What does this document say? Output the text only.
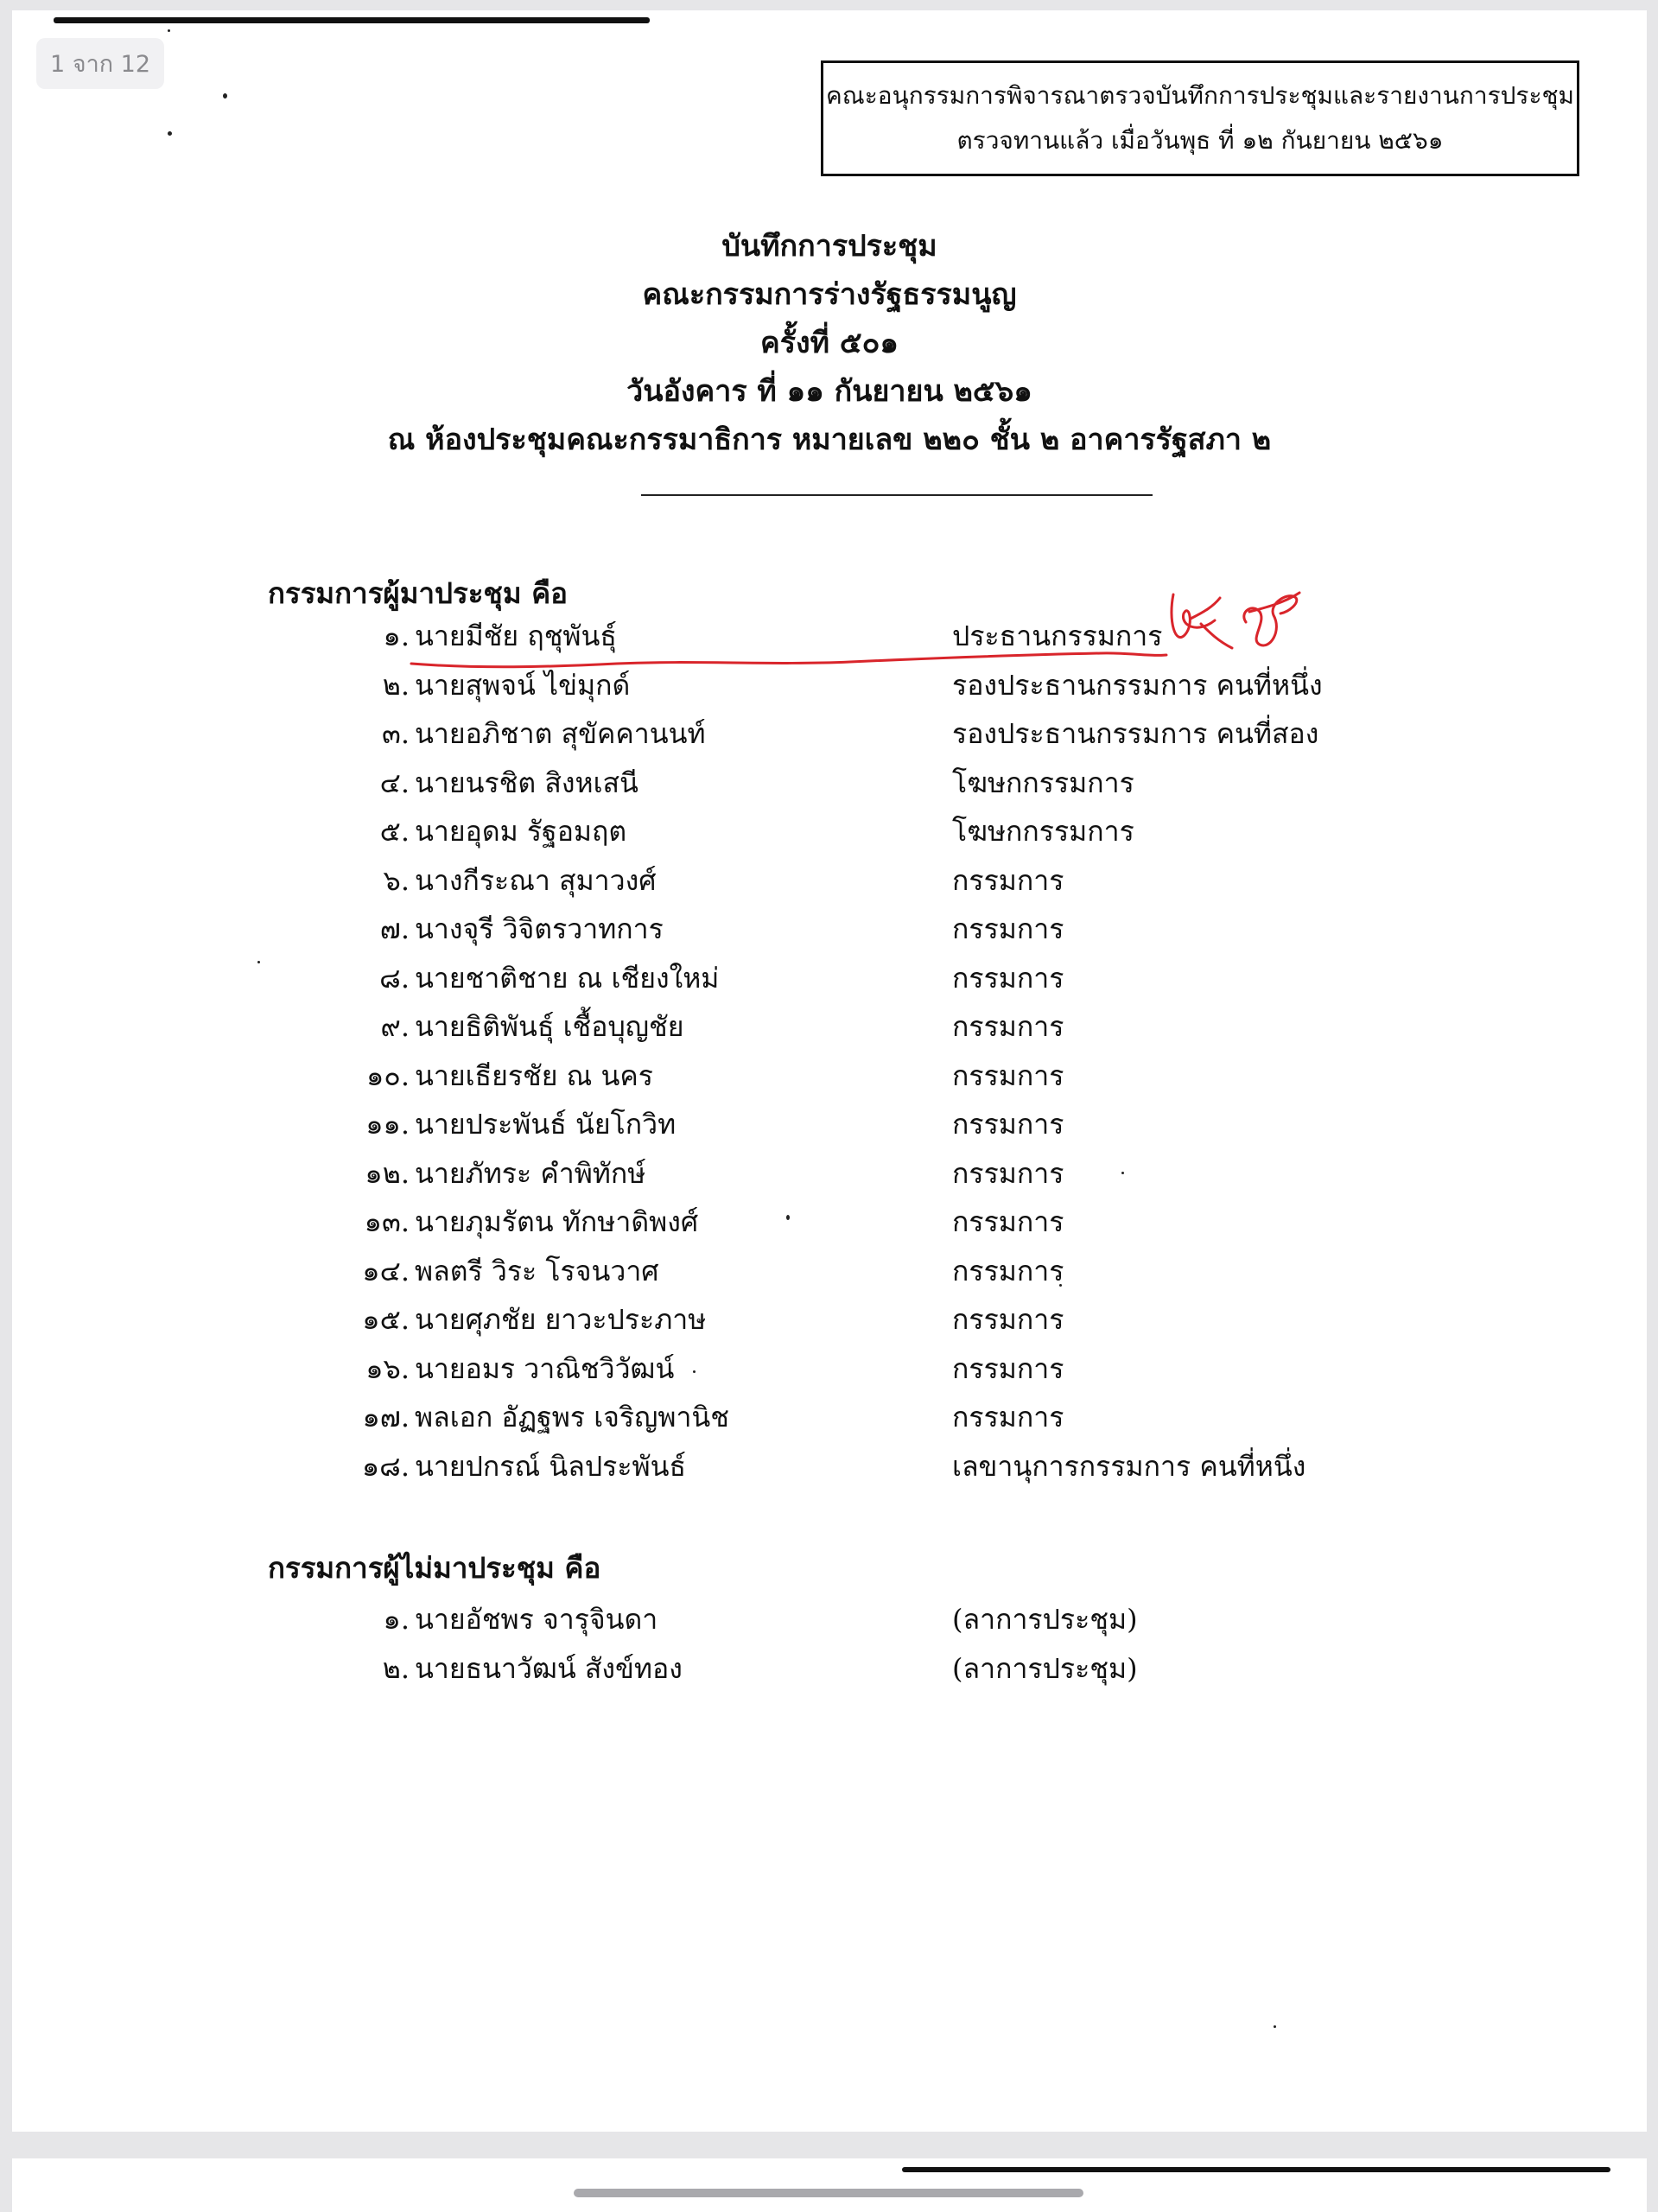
คณะอนุกรรมการพิจารณาตรวจบันทึกการประชุมและรายงานการประชุม
ตรวจทานแล้ว เมื่อวันพุธ ที่ ๑๒ กันยายน ๒๕๖๑
บันทึกการประชุม
คณะกรรมการร่างรัฐธรรมนูญ
ครั้งที่ ๕๐๑
วันอังคาร ที่ ๑๑ กันยายน ๒๕๖๑
ณ ห้องประชุมคณะกรรมาธิการ หมายเลข ๒๒๐ ชั้น ๒ อาคารรัฐสภา ๒
กรรมการผู้มาประชุม คือ
๑. นายมีชัย ฤชุพันธุ์	ประธานกรรมการ
๒. นายสุพจน์ ไข่มุกด์	รองประธานกรรมการ คนที่หนึ่ง
๓. นายอภิชาต สุขัคคานนท์	รองประธานกรรมการ คนที่สอง
๔. นายนรชิต สิงหเสนี	โฆษกกรรมการ
๕. นายอุดม รัฐอมฤต	โฆษกกรรมการ
๖. นางกีระณา สุมาวงศ์	กรรมการ
๗. นางจุรี วิจิตรวาทการ	กรรมการ
๘. นายชาติชาย ณ เชียงใหม่	กรรมการ
๙. นายธิติพันธุ์ เชื้อบุญชัย	กรรมการ
๑๐. นายเธียรชัย ณ นคร	กรรมการ
๑๑. นายประพันธ์ นัยโกวิท	กรรมการ
๑๒. นายภัทระ คำพิทักษ์	กรรมการ
๑๓. นายภุมรัตน ทักษาดิพงศ์	กรรมการ
๑๔. พลตรี วิระ โรจนวาศ	กรรมการ
๑๕. นายศุภชัย ยาวะประภาษ	กรรมการ
๑๖. นายอมร วาณิชวิวัฒน์	กรรมการ
๑๗. พลเอก อัฏฐพร เจริญพานิช	กรรมการ
๑๘. นายปกรณ์ นิลประพันธ์	เลขานุการกรรมการ คนที่หนึ่ง
กรรมการผู้ไม่มาประชุม คือ
๑. นายอัชพร จารุจินดา	(ลาการประชุม)
๒. นายธนาวัฒน์ สังข์ทอง	(ลาการประชุม)
1 จาก 12
